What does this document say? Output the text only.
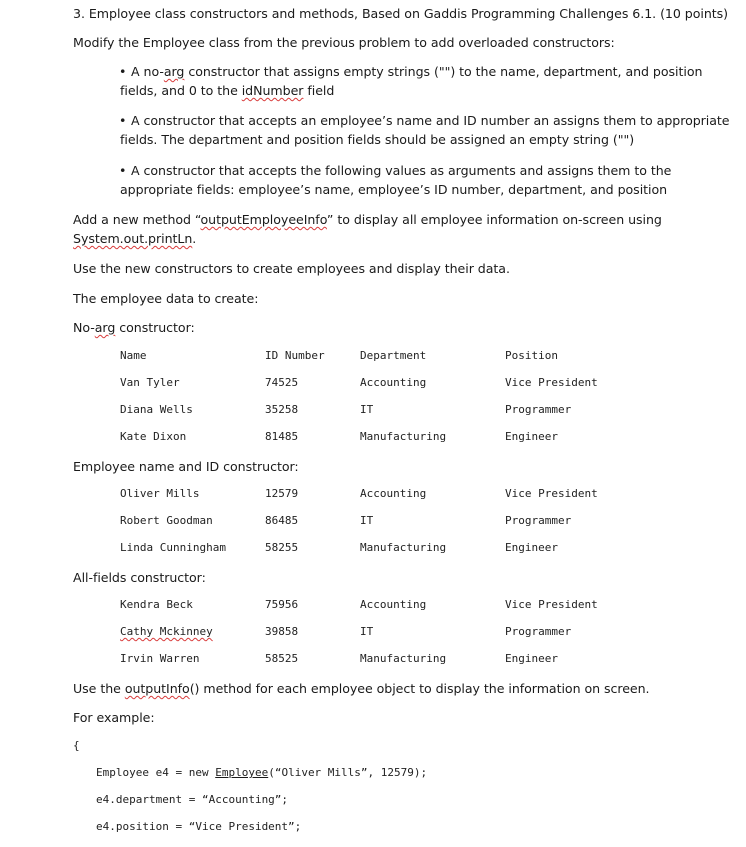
3. Employee class constructors and methods, Based on Gaddis Programming Challenges 6.1. (10 points)
Modify the Employee class from the previous problem to add overloaded constructors:
• A no-arg constructor that assigns empty strings ("") to the name, department, and position
fields, and 0 to the idNumber field
• A constructor that accepts an employee’s name and ID number an assigns them to appropriate
fields. The department and position fields should be assigned an empty string ("")
• A constructor that accepts the following values as arguments and assigns them to the
appropriate fields: employee’s name, employee’s ID number, department, and position
Add a new method “outputEmployeeInfo” to display all employee information on-screen using
System.out.printLn.
Use the new constructors to create employees and display their data.
The employee data to create:
No-arg constructor:
Name	ID Number	Department	Position
Van Tyler	74525	Accounting	Vice President
Diana Wells	35258	IT	Programmer
Kate Dixon	81485	Manufacturing	Engineer
Employee name and ID constructor:
Oliver Mills	12579	Accounting	Vice President
Robert Goodman	86485	IT	Programmer
Linda Cunningham	58255	Manufacturing	Engineer
All-fields constructor:
Kendra Beck	75956	Accounting	Vice President
Cathy Mckinney	39858	IT	Programmer
Irvin Warren	58525	Manufacturing	Engineer
Use the outputInfo() method for each employee object to display the information on screen.
For example:
{
Employee e4 = new Employee(“Oliver Mills”, 12579);
e4.department = “Accounting”;
e4.position = “Vice President”;
